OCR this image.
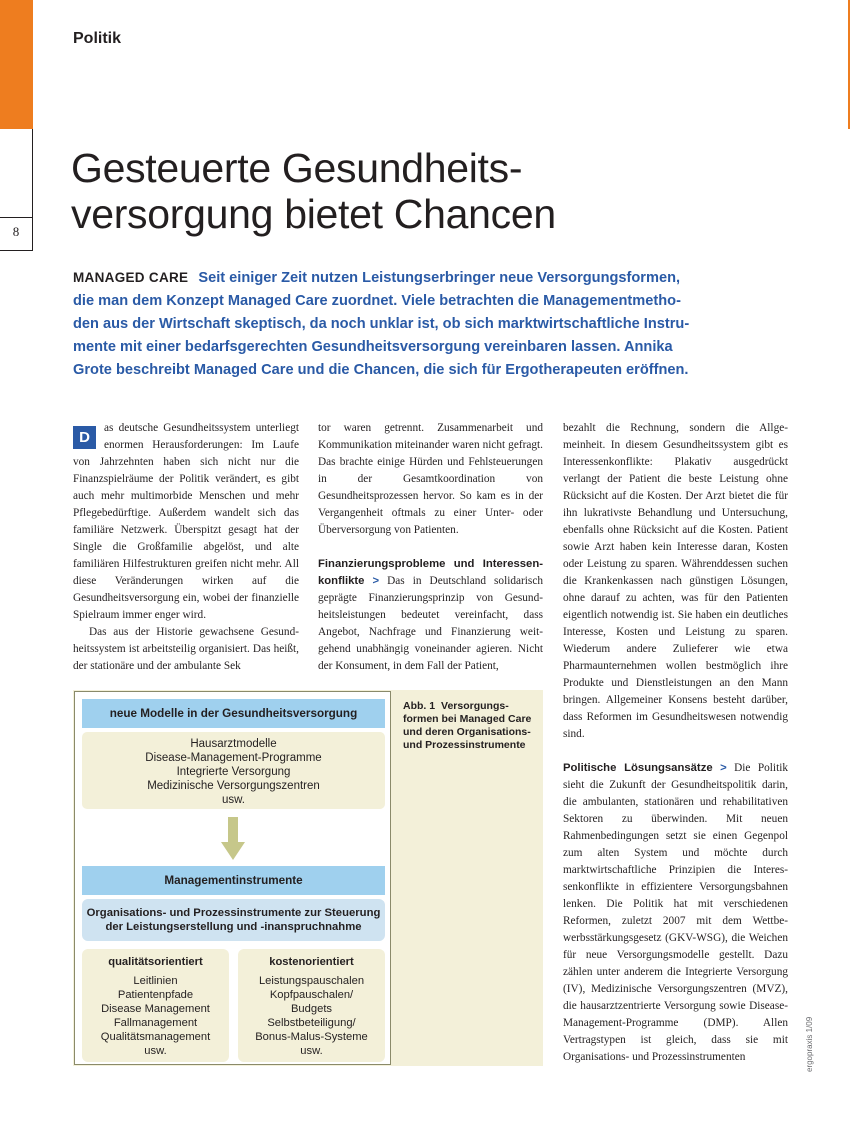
8
Politik
Gesteuerte Gesundheits-
versorgung bietet Chancen
MANAGED CARE Seit einiger Zeit nutzen Leistungserbringer neue Versorgungsformen, die man dem Konzept Managed Care zuordnet. Viele betrachten die Managementmethoden aus der Wirtschaft skeptisch, da noch unklar ist, ob sich marktwirtschaftliche Instrumente mit einer bedarfsgerechten Gesundheitsversorgung vereinbaren lassen. Annika Grote beschreibt Managed Care und die Chancen, die sich für Ergotherapeuten eröffnen.

D
as deutsche Gesundheitssystem unterliegt enormen Herausforderungen: Im Laufe von Jahrzehnten haben sich nicht nur die Finanzspielräume der Politik verändert, es gibt auch mehr multimorbide Menschen und mehr Pflegebedürftige. Außerdem wandelt sich das familiäre Netzwerk. Überspitzt gesagt hat der Single die Großfamilie abgelöst, und alte familiären Hilfestrukturen greifen nicht mehr. All diese Veränderungen wirken auf die Gesundheitsversorgung ein, wobei der finanzielle Spielraum immer enger wird.

Das aus der Historie gewachsene Gesundheitssystem ist arbeitsteilig organisiert. Das heißt, der stationäre und der ambulante Sek

tor waren getrennt. Zusammenarbeit und Kommunikation miteinander waren nicht gefragt. Das brachte einige Hürden und Fehlsteuerungen in der Gesamtkoordination von Gesundheitsprozessen hervor. So kam es in der Vergangenheit oftmals zu einer Unter- oder Überversorgung von Patienten.

Finanzierungsprobleme und Interessenkonflikte > Das in Deutschland solidarisch geprägte Finanzierungsprinzip von Gesundheitsleistungen bedeutet vereinfacht, dass Angebot, Nachfrage und Finanzierung weitgehend unabhängig voneinander agieren. Nicht der Konsument, in dem Fall der Patient,

bezahlt die Rechnung, sondern die Allgemeinheit. In diesem Gesundheitssystem gibt es Interessenkonflikte: Plakativ ausgedrückt verlangt der Patient die beste Leistung ohne Rücksicht auf die Kosten. Der Arzt bietet die für ihn lukrativste Behandlung und Untersuchung, ebenfalls ohne Rücksicht auf die Kosten. Patient sowie Arzt haben kein Interesse daran, Kosten oder Leistung zu sparen. Währenddessen suchen die Krankenkassen nach günstigen Lösungen, ohne darauf zu achten, was für den Patienten eigentlich notwendig ist. Sie haben ein deutliches Interesse, Kosten und Leistung zu sparen. Wiederum andere Zulieferer wie etwa Pharmaunternehmen wollen bestmöglich ihre Produkte und Dienstleistungen an den Mann bringen. Allgemeiner Konsens besteht darüber, dass Reformen im Gesundheitswesen notwendig sind.

Politische Lösungsansätze > Die Politik sieht die Zukunft der Gesundheitspolitik darin, die ambulanten, stationären und rehabilitativen Sektoren zu überwinden. Mit neuen Rahmenbedingungen setzt sie einen Gegenpol zum alten System und möchte durch marktwirtschaftliche Prinzipien die Interessenkonflikte in effizientere Versorgungsbahnen lenken. Die Politik hat mit verschiedenen Reformen, zuletzt 2007 mit dem Wettbewerbsstärkungsgesetz (GKV-WSG), die Weichen für neue Versorgungsmodelle gestellt. Dazu zählen unter anderem die Integrierte Versorgung (IV), Medizinische Versorgungszentren (MVZ), die hausarztzentrierte Versorgung sowie Disease-Management-Programme (DMP). Allen Vertragstypen ist gleich, dass sie mit Organisations- und Prozessinstrumenten

neue Modelle in der Gesundheitsversorgung
Hausarztmodelle
Disease-Management-Programme
Integrierte Versorgung
Medizinische Versorgungszentren
usw.
Managementinstrumente
Organisations- und Prozessinstrumente zur Steuerung
der Leistungserstellung und -inanspruchnahme
qualitätsorientiert
Leitlinien
Patientenpfade
Disease Management
Fallmanagement
Qualitätsmanagement
usw.
kostenorientiert
Leistungspauschalen
Kopfpauschalen/
Budgets
Selbstbeteiligung/
Bonus-Malus-Systeme
usw.
Abb. 1 Versorgungsformen bei Managed Care und deren Organisations- und Prozessinstrumente
ergopraxis 1/09
